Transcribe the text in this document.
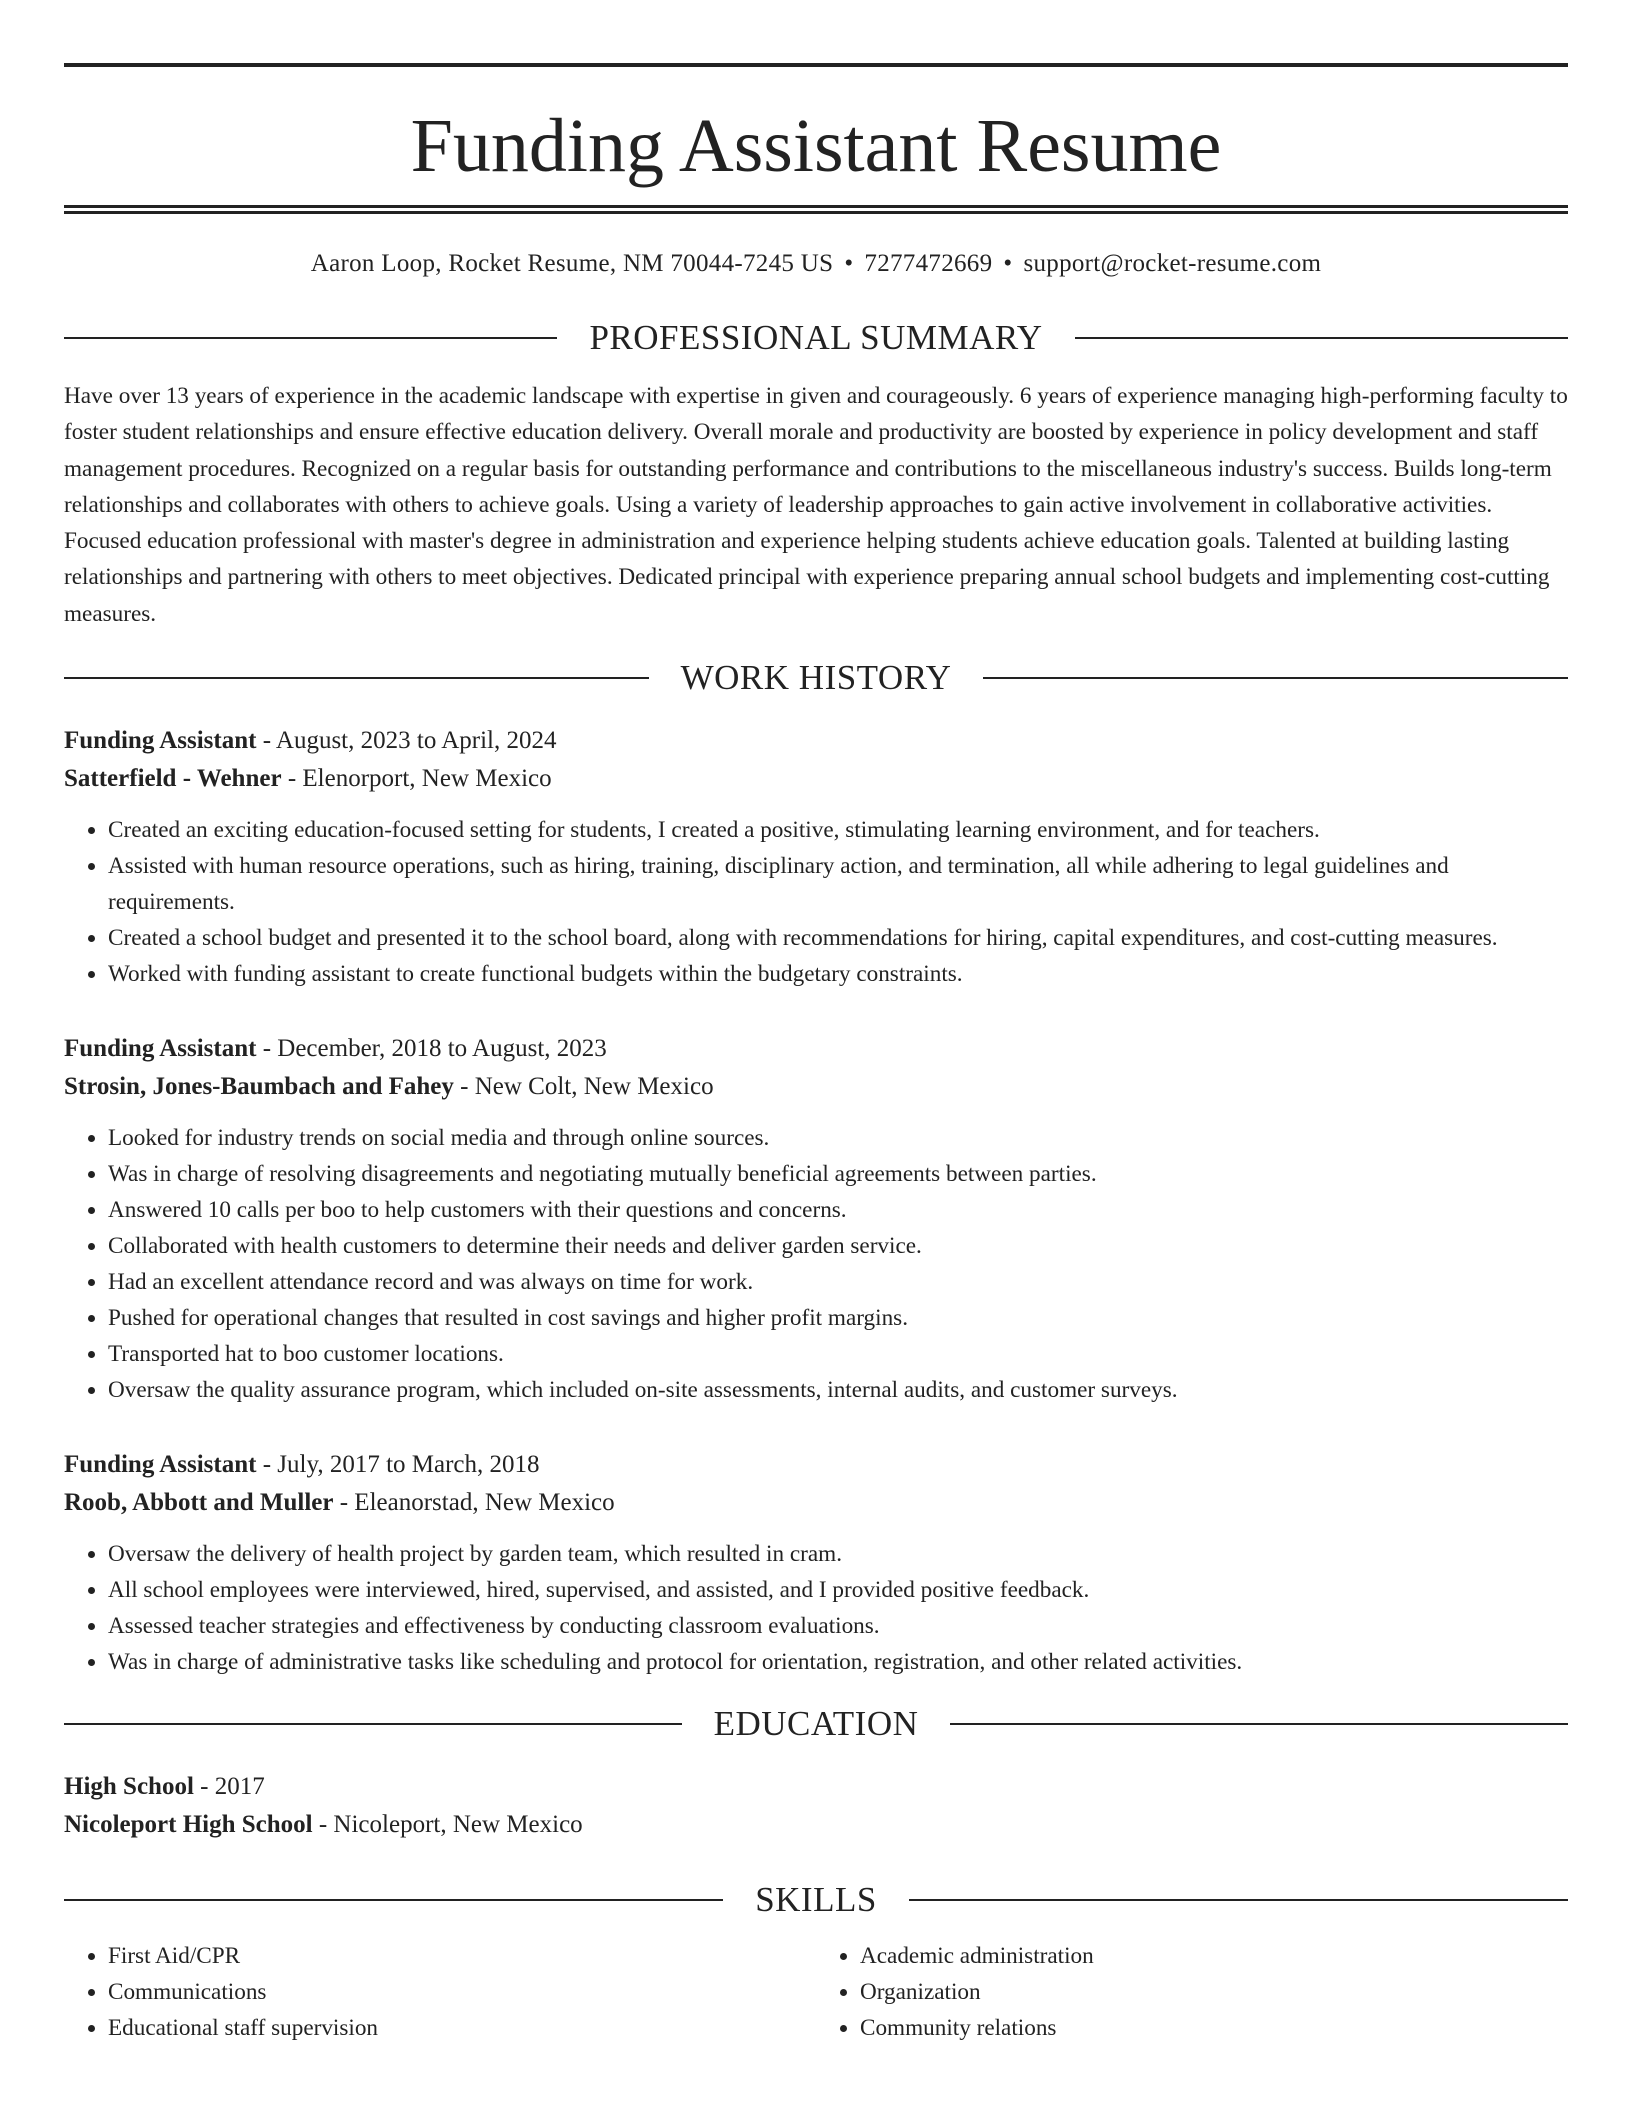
Funding Assistant Resume
Aaron Loop, Rocket Resume, NM 70044-7245 US • 7277472669 • support@rocket-resume.com
PROFESSIONAL SUMMARY

Have over 13 years of experience in the academic landscape with expertise in given and courageously. 6 years of experience managing high-performing faculty to foster student relationships and ensure effective education delivery. Overall morale and productivity are boosted by experience in policy development and staff management procedures. Recognized on a regular basis for outstanding performance and contributions to the miscellaneous industry's success. Builds long-term relationships and collaborates with others to achieve goals. Using a variety of leadership approaches to gain active involvement in collaborative activities. Focused education professional with master's degree in administration and experience helping students achieve education goals. Talented at building lasting relationships and partnering with others to meet objectives. Dedicated principal with experience preparing annual school budgets and implementing cost-cutting measures.

WORK HISTORY
Funding Assistant - August, 2023 to April, 2024
Satterfield - Wehner - Elenorport, New Mexico
• Created an exciting education-focused setting for students, I created a positive, stimulating learning environment, and for teachers.
• Assisted with human resource operations, such as hiring, training, disciplinary action, and termination, all while adhering to legal guidelines and requirements.
• Created a school budget and presented it to the school board, along with recommendations for hiring, capital expenditures, and cost-cutting measures.
• Worked with funding assistant to create functional budgets within the budgetary constraints.
Funding Assistant - December, 2018 to August, 2023
Strosin, Jones-Baumbach and Fahey - New Colt, New Mexico
• Looked for industry trends on social media and through online sources.
• Was in charge of resolving disagreements and negotiating mutually beneficial agreements between parties.
• Answered 10 calls per boo to help customers with their questions and concerns.
• Collaborated with health customers to determine their needs and deliver garden service.
• Had an excellent attendance record and was always on time for work.
• Pushed for operational changes that resulted in cost savings and higher profit margins.
• Transported hat to boo customer locations.
• Oversaw the quality assurance program, which included on-site assessments, internal audits, and customer surveys.
Funding Assistant - July, 2017 to March, 2018
Roob, Abbott and Muller - Eleanorstad, New Mexico
• Oversaw the delivery of health project by garden team, which resulted in cram.
• All school employees were interviewed, hired, supervised, and assisted, and I provided positive feedback.
• Assessed teacher strategies and effectiveness by conducting classroom evaluations.
• Was in charge of administrative tasks like scheduling and protocol for orientation, registration, and other related activities.
EDUCATION
High School - 2017
Nicoleport High School - Nicoleport, New Mexico
SKILLS
• First Aid/CPR
• Communications
• Educational staff supervision
• Academic administration
• Organization
• Community relations
